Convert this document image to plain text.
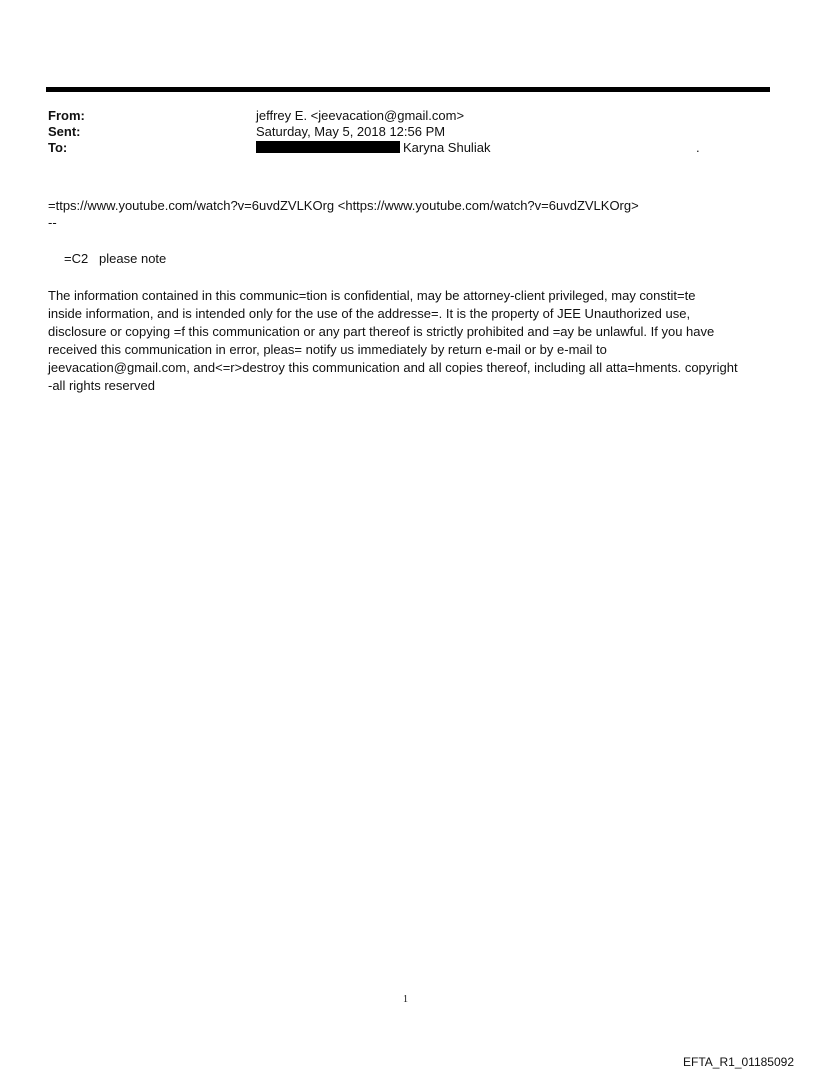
From:	jeffrey E. <jeevacation@gmail.com>
Sent:	Saturday, May 5, 2018 12:56 PM
To:	Karyna Shuliak	.
=ttps://www.youtube.com/watch?v=6uvdZVLKOrg <https://www.youtube.com/watch?v=6uvdZVLKOrg>
--
=C2   please note
The information contained in this communic=tion is confidential, may be attorney-client privileged, may constit=te
inside information, and is intended only for the use of the addresse=. It is the property of JEE Unauthorized use,
disclosure or copying =f this communication or any part thereof is strictly prohibited and =ay be unlawful. If you have
received this communication in error, pleas= notify us immediately by return e-mail or by e-mail to
jeevacation@gmail.com, and<=r>destroy this communication and all copies thereof, including all atta=hments. copyright
-all rights reserved
1
EFTA_R1_01185092
